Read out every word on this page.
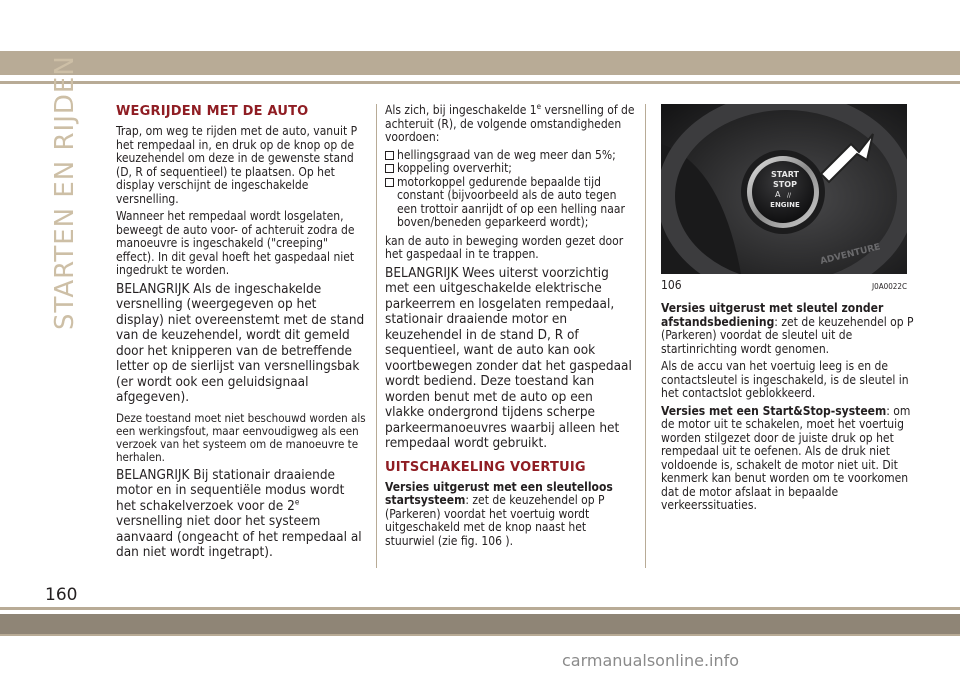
STARTEN EN RIJDEN
160
WEGRIJDEN MET DE AUTO

Trap, om weg te rijden met de auto, vanuit P het rempedaal in, en druk op de knop op de keuzehendel om deze in de gewenste stand (D, R of sequentieel) te plaatsen. Op het display verschijnt de ingeschakelde versnelling.

Wanneer het rempedaal wordt losgelaten, beweegt de auto voor- of achteruit zodra de manoeuvre is ingeschakeld ("creeping" effect). In dit geval hoeft het gaspedaal niet ingedrukt te worden.

BELANGRIJK Als de ingeschakelde versnelling (weergegeven op het display) niet overeenstemt met de stand van de keuzehendel, wordt dit gemeld door het knipperen van de betreffende letter op de sierlijst van versnellingsbak (er wordt ook een geluidsignaal afgegeven).

Deze toestand moet niet beschouwd worden als een werkingsfout, maar eenvoudigweg als een verzoek van het systeem om de manoeuvre te herhalen.

BELANGRIJK Bij stationair draaiende motor en in sequentiële modus wordt het schakelverzoek voor de 2e versnelling niet door het systeem aanvaard (ongeacht of het rempedaal al dan niet wordt ingetrapt).

Als zich, bij ingeschakelde 1e versnelling of de achteruit (R), de volgende omstandigheden voordoen:

hellingsgraad van de weg meer dan 5%;
koppeling oververhit;
motorkoppel gedurende bepaalde tijd constant (bijvoorbeeld als de auto tegen een trottoir aanrijdt of op een helling naar boven/beneden geparkeerd wordt);

kan de auto in beweging worden gezet door het gaspedaal in te trappen.

BELANGRIJK Wees uiterst voorzichtig met een uitgeschakelde elektrische parkeerrem en losgelaten rempedaal, stationair draaiende motor en keuzehendel in de stand D, R of sequentieel, want de auto kan ook voortbewegen zonder dat het gaspedaal wordt bediend. Deze toestand kan worden benut met de auto op een vlakke ondergrond tijdens scherpe parkeermanoeuvres waarbij alleen het rempedaal wordt gebruikt.

UITSCHAKELING VOERTUIG

Versies uitgerust met een sleutelloos startsysteem: zet de keuzehendel op P (Parkeren) voordat het voertuig wordt uitgeschakeld met de knop naast het stuurwiel (zie fig. 106 ).

START
STOP
ENGINE
A //
ADVENTURE
106	J0A0022C

Versies uitgerust met sleutel zonder afstandsbediening: zet de keuzehendel op P (Parkeren) voordat de sleutel uit de startinrichting wordt genomen.

Als de accu van het voertuig leeg is en de contactsleutel is ingeschakeld, is de sleutel in het contactslot geblokkeerd.

Versies met een Start&Stop-systeem: om de motor uit te schakelen, moet het voertuig worden stilgezet door de juiste druk op het rempedaal uit te oefenen. Als de druk niet voldoende is, schakelt de motor niet uit. Dit kenmerk kan benut worden om te voorkomen dat de motor afslaat in bepaalde verkeerssituaties.

carmanualsonline.info
